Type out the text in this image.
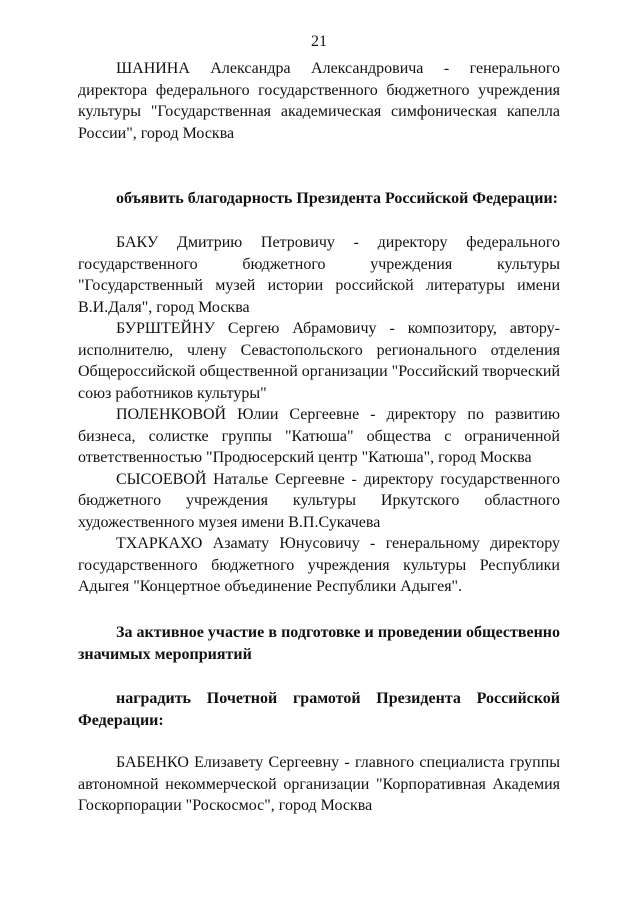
21

ШАНИНА Александра Александровича - генерального директора федерального государственного бюджетного учреждения культуры "Государственная академическая симфоническая капелла России", город Москва

объявить благодарность Президента Российской Федерации:

БАКУ Дмитрию Петровичу - директору федерального государственного бюджетного учреждения культуры "Государственный музей истории российской литературы имени В.И.Даля", город Москва

БУРШТЕЙНУ Сергею Абрамовичу - композитору, автору-исполнителю, члену Севастопольского регионального отделения Общероссийской общественной организации "Российский творческий союз работников культуры"

ПОЛЕНКОВОЙ Юлии Сергеевне - директору по развитию бизнеса, солистке группы "Катюша" общества с ограниченной ответственностью "Продюсерский центр "Катюша", город Москва

СЫСОЕВОЙ Наталье Сергеевне - директору государственного бюджетного учреждения культуры Иркутского областного художественного музея имени В.П.Сукачева

ТХАРКАХО Азамату Юнусовичу - генеральному директору государственного бюджетного учреждения культуры Республики Адыгея "Концертное объединение Республики Адыгея".

За активное участие в подготовке и проведении общественно значимых мероприятий

наградить Почетной грамотой Президента Российской Федерации:

БАБЕНКО Елизавету Сергеевну - главного специалиста группы автономной некоммерческой организации "Корпоративная Академия Госкорпорации "Роскосмос", город Москва
